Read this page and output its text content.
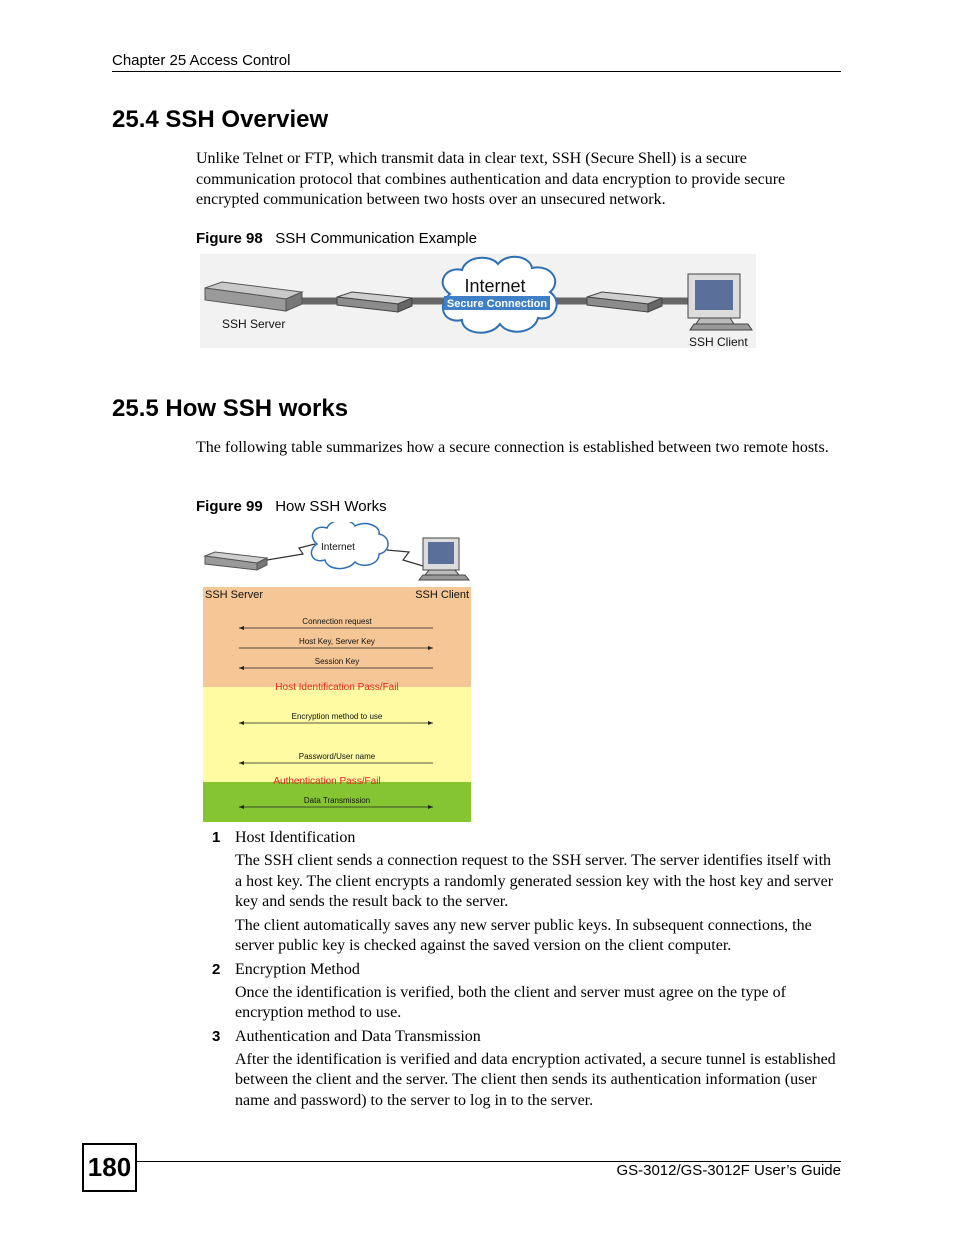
Chapter 25 Access Control
25.4 SSH Overview

Unlike Telnet or FTP, which transmit data in clear text, SSH (Secure Shell) is a secure communication protocol that combines authentication and data encryption to provide secure encrypted communication between two hosts over an unsecured network.

Figure 98 SSH Communication Example
Internet
Secure Connection
SSH Server
SSH Client
25.5 How SSH works

The following table summarizes how a secure connection is established between two remote hosts.

Figure 99 How SSH Works
Internet
SSH Server	SSH Client
Connection request
Host Key, Server Key
Session Key
Encryption method to use
Password/User name
Data Transmission
Host Identification Pass/Fail
Authentication Pass/Fail
1 Host Identification

The SSH client sends a connection request to the SSH server. The server identifies itself with a host key. The client encrypts a randomly generated session key with the host key and server key and sends the result back to the server.

The client automatically saves any new server public keys. In subsequent connections, the server public key is checked against the saved version on the client computer.

2 Encryption Method

Once the identification is verified, both the client and server must agree on the type of encryption method to use.

3 Authentication and Data Transmission

After the identification is verified and data encryption activated, a secure tunnel is established between the client and the server. The client then sends its authentication information (user name and password) to the server to log in to the server.

180	GS-3012/GS-3012F User’s Guide
